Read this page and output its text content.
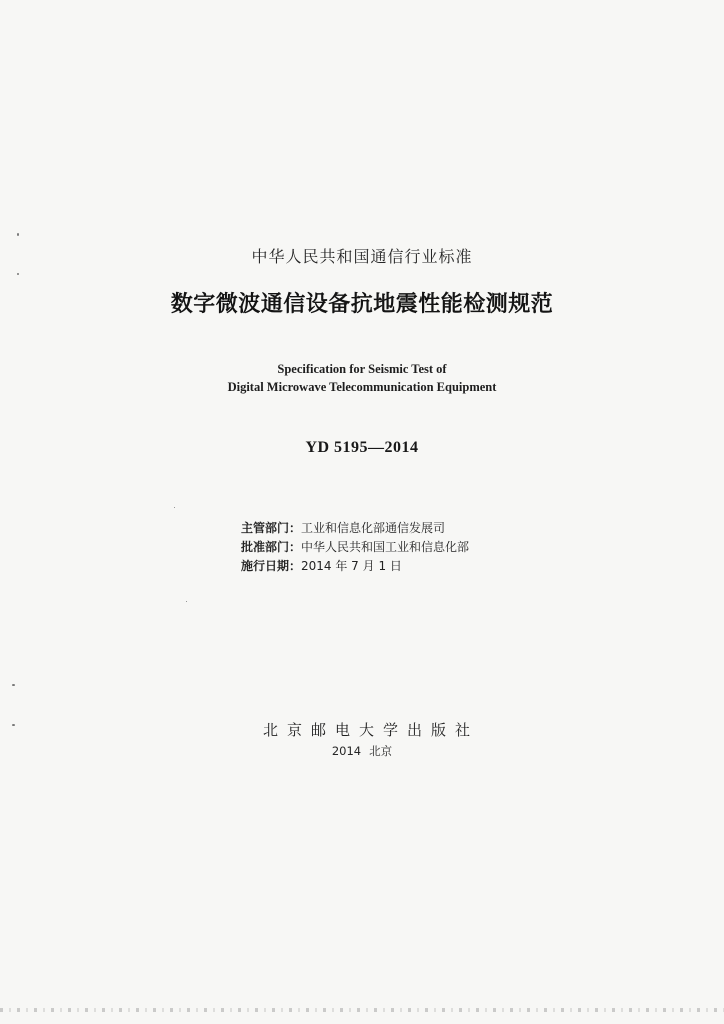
中华人民共和国通信行业标准
数字微波通信设备抗地震性能检测规范
Specification for Seismic Test of
Digital Microwave Telecommunication Equipment
YD 5195—2014
主管部门：工业和信息化部通信发展司
批准部门：中华人民共和国工业和信息化部
施行日期：2014 年 7 月 1 日
北京邮电大学出版社
2014 北京
